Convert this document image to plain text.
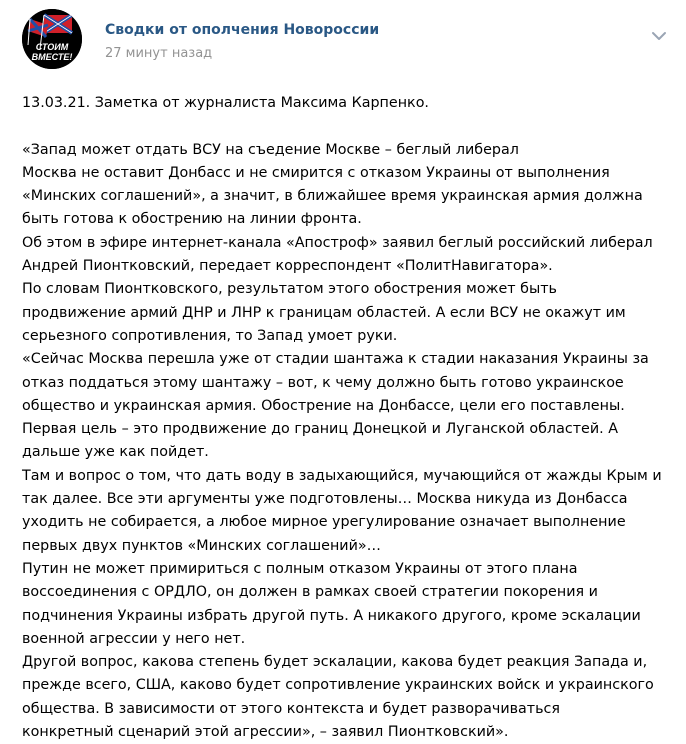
СТОИМ
ВМЕСТЕ!
Сводки от ополчения Новороссии
27 минут назад
13.03.21. Заметка от журналиста Максима Карпенко.
«Запад может отдать ВСУ на съедение Москве – беглый либерал
Москва не оставит Донбасс и не смирится с отказом Украины от выполнения
«Минских соглашений», а значит, в ближайшее время украинская армия должна
быть готова к обострению на линии фронта.
Об этом в эфире интернет-канала «Апостроф» заявил беглый российский либерал
Андрей Пионтковский, передает корреспондент «ПолитНавигатора».
По словам Пионтковского, результатом этого обострения может быть
продвижение армий ДНР и ЛНР к границам областей. А если ВСУ не окажут им
серьезного сопротивления, то Запад умоет руки.
«Сейчас Москва перешла уже от стадии шантажа к стадии наказания Украины за
отказ поддаться этому шантажу – вот, к чему должно быть готово украинское
общество и украинская армия. Обострение на Донбассе, цели его поставлены.
Первая цель – это продвижение до границ Донецкой и Луганской областей. А
дальше уже как пойдет.
Там и вопрос о том, что дать воду в задыхающийся, мучающийся от жажды Крым и
так далее. Все эти аргументы уже подготовлены… Москва никуда из Донбасса
уходить не собирается, а любое мирное урегулирование означает выполнение
первых двух пунктов «Минских соглашений»…
Путин не может примириться с полным отказом Украины от этого плана
воссоединения с ОРДЛО, он должен в рамках своей стратегии покорения и
подчинения Украины избрать другой путь. А никакого другого, кроме эскалации
военной агрессии у него нет.
Другой вопрос, какова степень будет эскалации, какова будет реакция Запада и,
прежде всего, США, каково будет сопротивление украинских войск и украинского
общества. В зависимости от этого контекста и будет разворачиваться
конкретный сценарий этой агрессии», – заявил Пионтковский».
